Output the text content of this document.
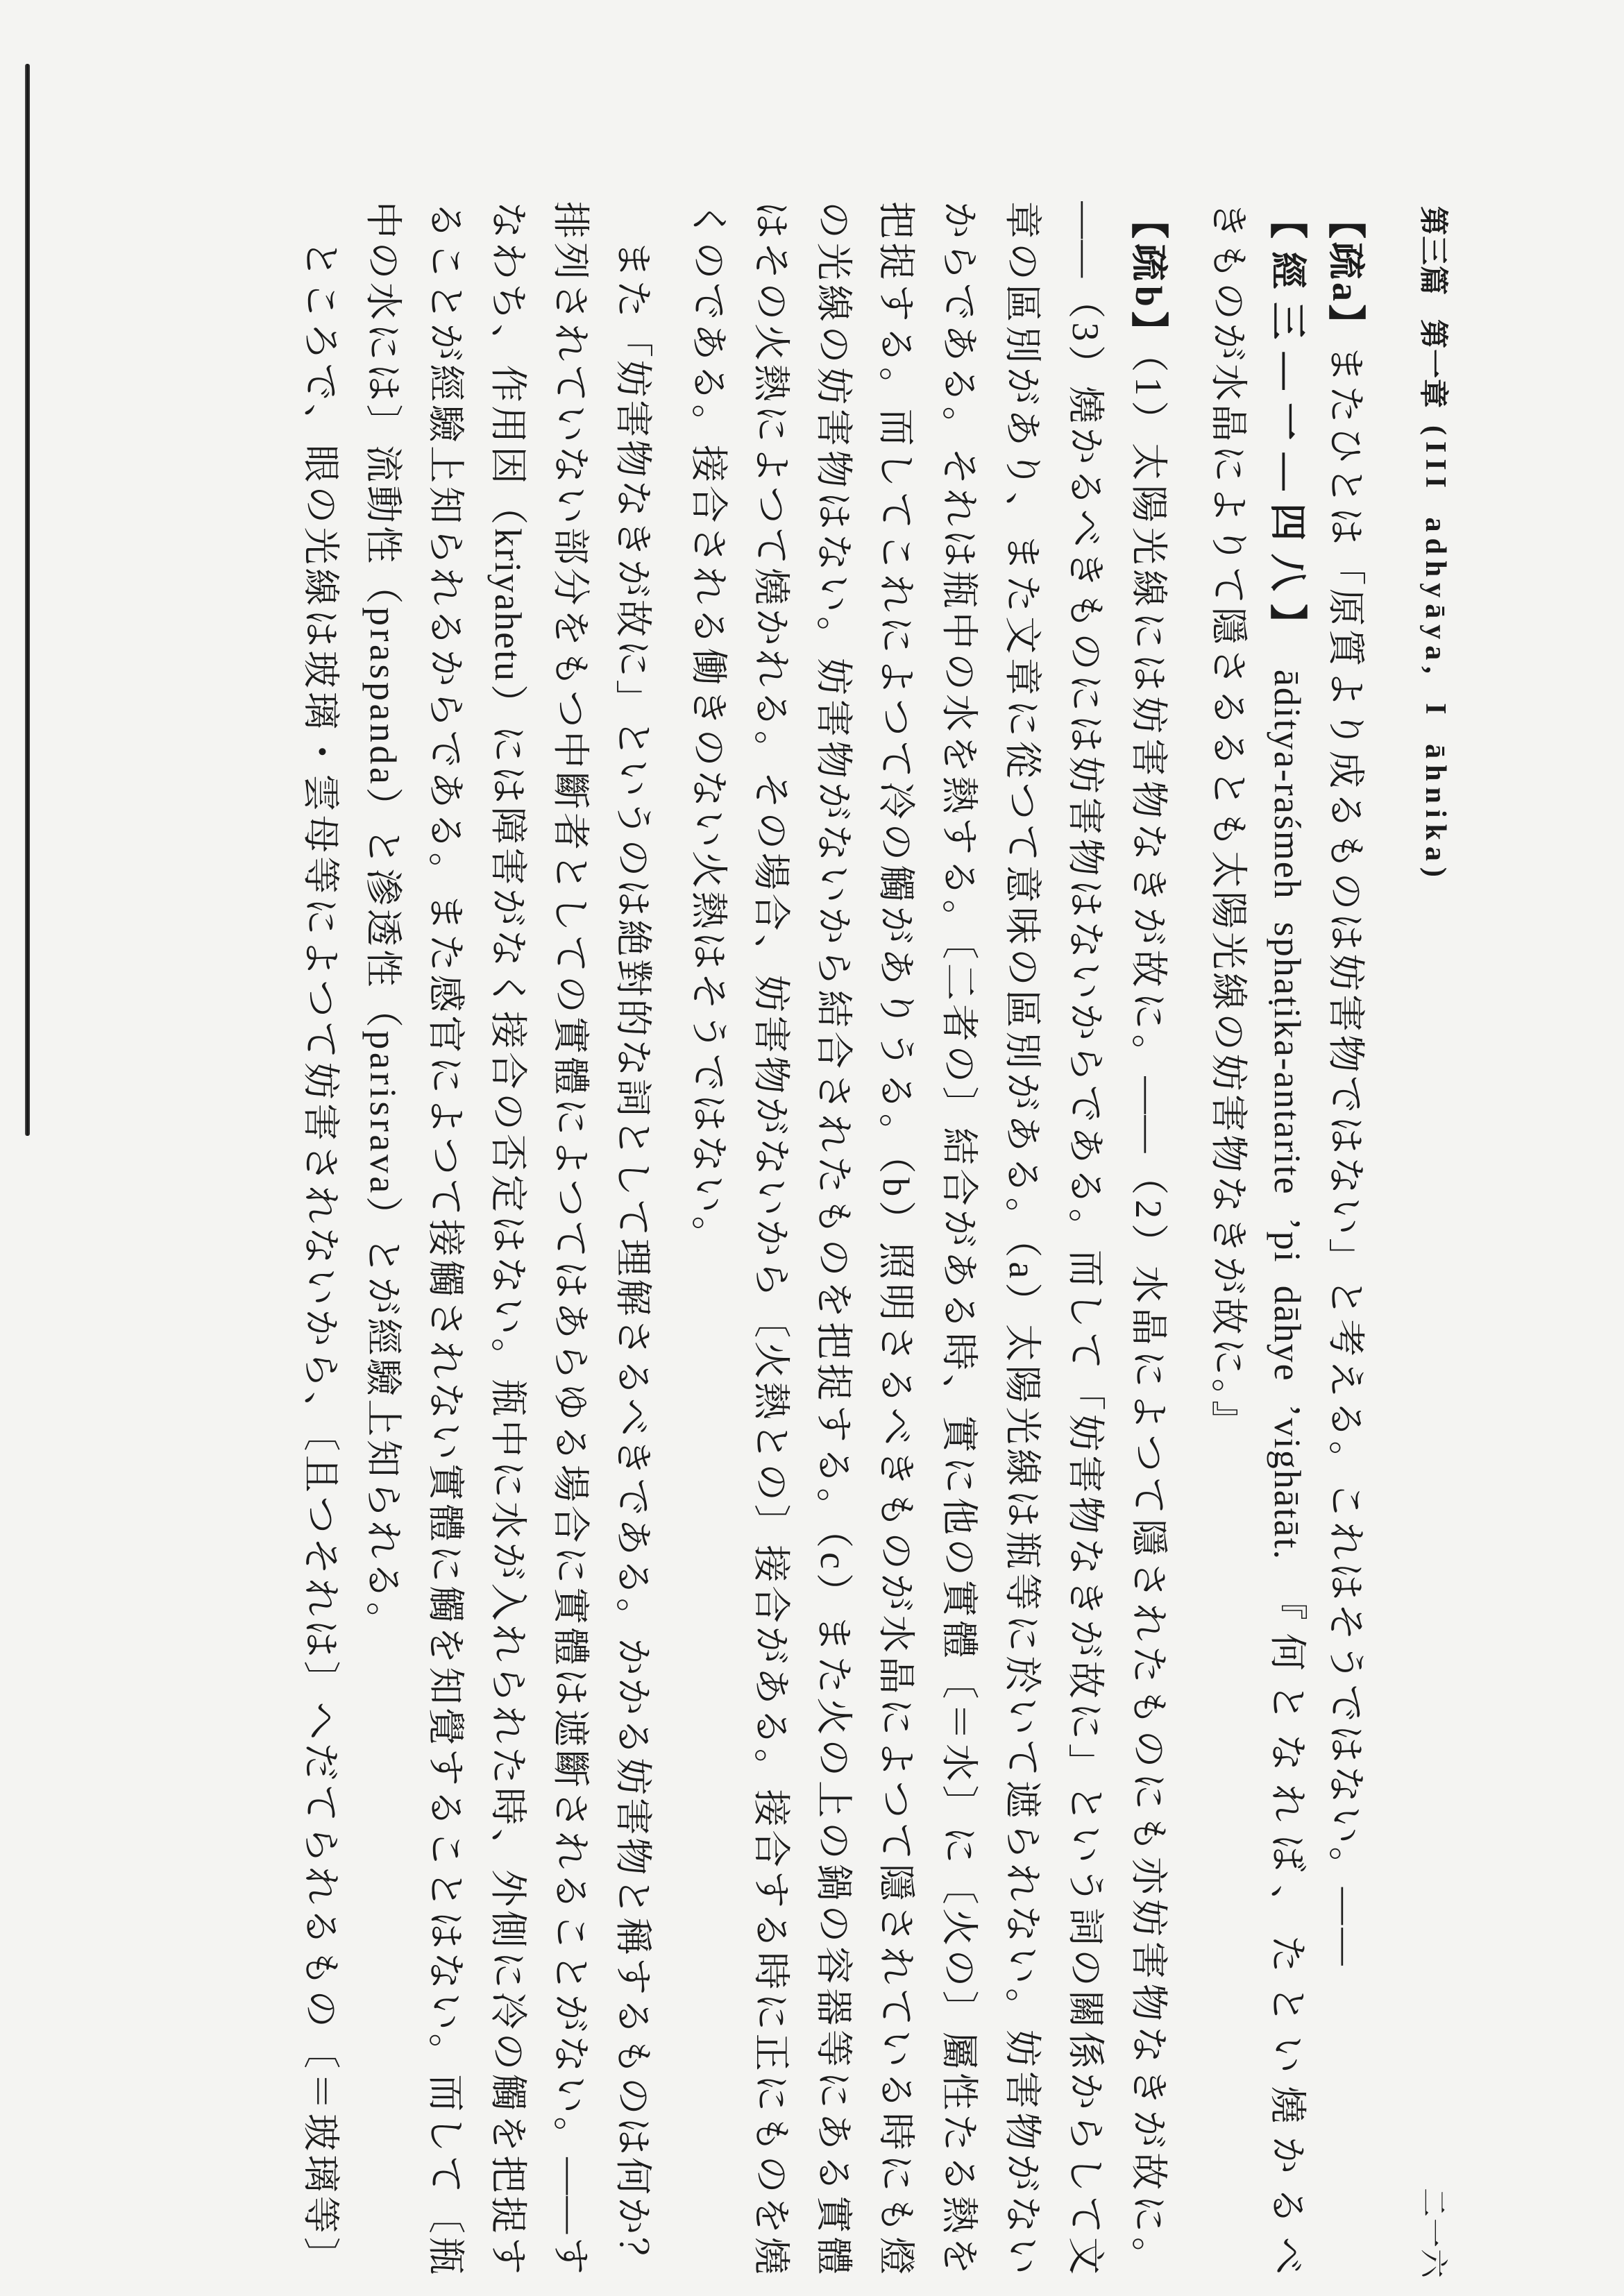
第三篇
第一章
(III adhyāya, I āhnika)
二一六
【疏a】またひとは「原質より成るものは妨害物ではない」と考える。これはそうではない。――
【經三―一―四八】āditya-raśmeh sphaṭika-antarite ’pi dāhye ’vighātāt. 『何となれば、たとい燒かるべ
きものが水晶によりて隱さるるとも太陽光線の妨害物なきが故に。』
【疏b】（1）太陽光線には妨害物なきが故に。――（2）水晶によつて隱されたものにも亦妨害物なきが故に。
――（3）燒かるべきものには妨害物はないからである。而して「妨害物なきが故に」という詞の關係からして文
章の區別があり、また文章に從つて意味の區別がある。（a）太陽光線は瓶等に於いて遮られない。妨害物がない
からである。それは瓶中の水を熱する。〔二者の〕結合がある時、實に他の實體〔＝水〕に〔火の〕屬性たる熱を
把捉する。而してこれによつて冷の觸がありうる。（b）照明さるべきものが水晶によつて隱されている時にも燈
の光線の妨害物はない。妨害物がないから結合されたものを把捉する。（c）また火の上の鍋の容器等にある實體
はその火熱によつて燒かれる。その場合、妨害物がないから〔火熱との〕接合がある。接合する時に正にものを燒
くのである。接合される働きのない火熱はそうではない。
また「妨害物なきが故に」というのは絶對的な詞として理解さるべきである。かかる妨害物と稱するものは何か？
排列されていない部分をもつ中斷者としての實體によつてはあらゆる場合に實體は遮斷されることがない。――す
なわち、作用因（kriyahetu）には障害がなく接合の否定はない。瓶中に水が入れられた時、外側に冷の觸を把捉す
ることが經驗上知られるからである。また感官によつて接觸されない實體に觸を知覺することはない。而して〔瓶
中の水には〕流動性（praspanda）と滲透性（parisrava）とが經驗上知られる。
ところで、眼の光線は玻璃・雲母等によつて妨害されないから、〔且つそれは〕へだてられるもの〔＝玻璃等〕
